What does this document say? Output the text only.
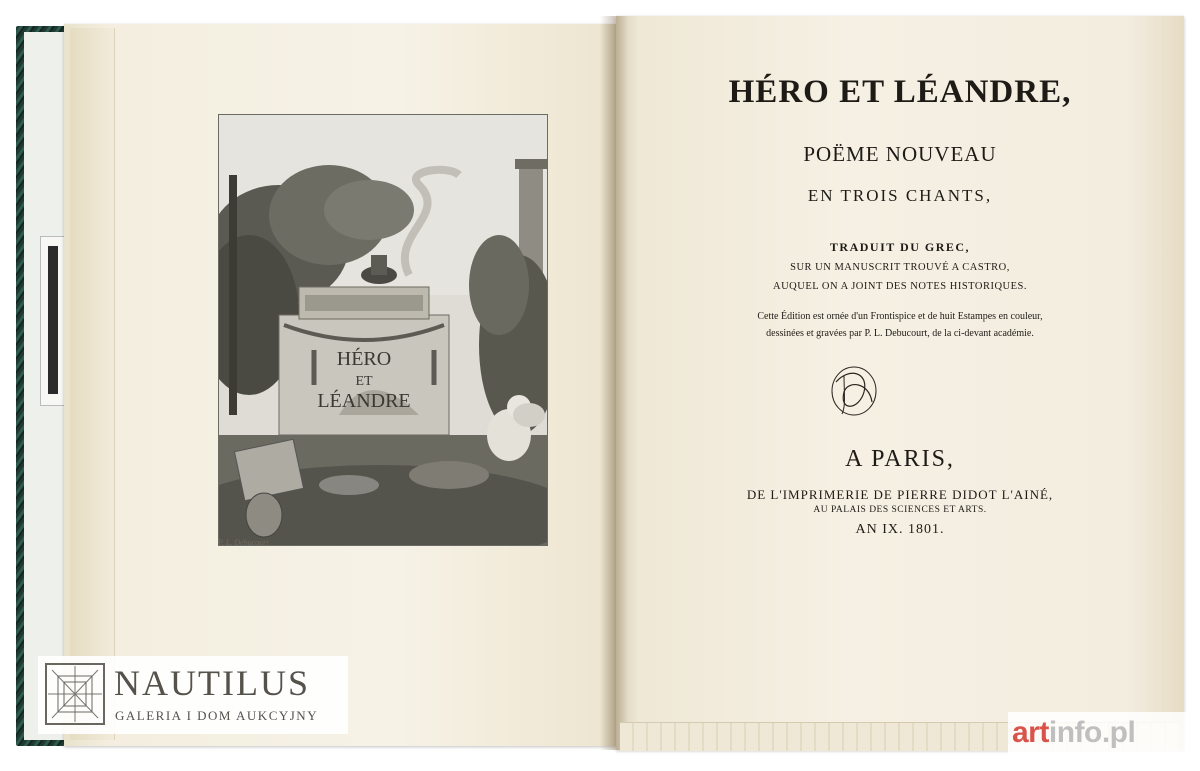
HÉRO
ET
LÉANDRE
P. L. Debucourt
HÉRO ET LÉANDRE,
POËME NOUVEAU
EN TROIS CHANTS,
TRADUIT DU GREC,
SUR UN MANUSCRIT TROUVÉ A CASTRO,
AUQUEL ON A JOINT DES NOTES HISTORIQUES.
Cette Édition est ornée d'un Frontispice et de huit Estampes en couleur,
dessinées et gravées par P. L. Debucourt, de la ci-devant académie.
A PARIS,
DE L'IMPRIMERIE DE PIERRE DIDOT L'AINÉ,
AU PALAIS DES SCIENCES ET ARTS.
AN IX. 1801.
NAUTILUS
GALERIA I DOM AUKCYJNY
artinfo.pl
